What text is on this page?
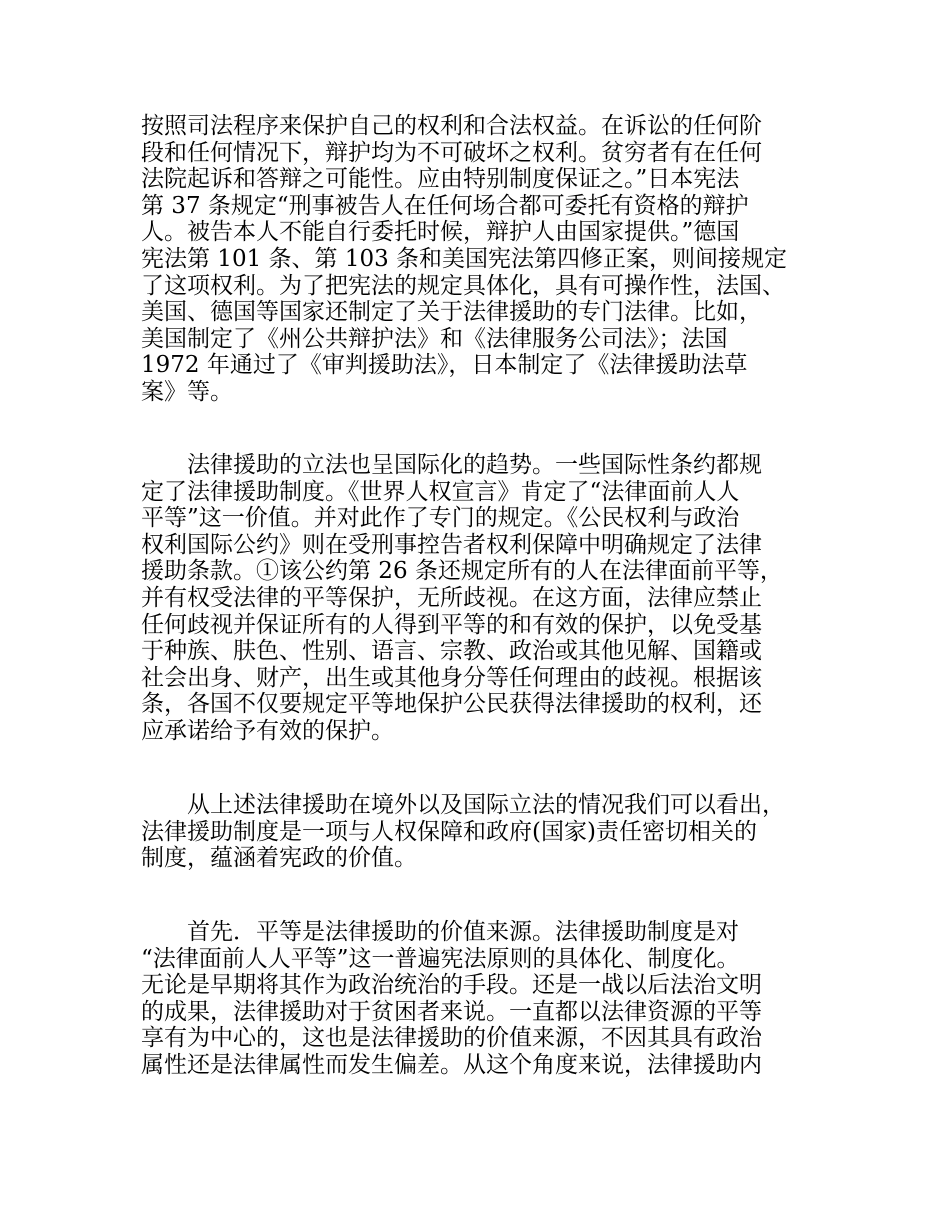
按照司法程序来保护自己的权利和合法权益。在诉讼的任何阶
段和任何情况下，辩护均为不可破坏之权利。贫穷者有在任何
法院起诉和答辩之可能性。应由特别制度保证之。”日本宪法
第 37 条规定“刑事被告人在任何场合都可委托有资格的辩护
人。被告本人不能自行委托时候，辩护人由国家提供。”德国
宪法第 101 条、第 103 条和美国宪法第四修正案，则间接规定
了这项权利。为了把宪法的规定具体化，具有可操作性，法国、
美国、德国等国家还制定了关于法律援助的专门法律。比如，
美国制定了《州公共辩护法》和《法律服务公司法》；法国
1972 年通过了《审判援助法》，日本制定了《法律援助法草
案》等。
法律援助的立法也呈国际化的趋势。一些国际性条约都规
定了法律援助制度。《世界人权宣言》肯定了“法律面前人人
平等”这一价值。并对此作了专门的规定。《公民权利与政治
权利国际公约》则在受刑事控告者权利保障中明确规定了法律
援助条款。①该公约第 26 条还规定所有的人在法律面前平等，
并有权受法律的平等保护，无所歧视。在这方面，法律应禁止
任何歧视并保证所有的人得到平等的和有效的保护，以免受基
于种族、肤色、性别、语言、宗教、政治或其他见解、国籍或
社会出身、财产，出生或其他身分等任何理由的歧视。根据该
条，各国不仅要规定平等地保护公民获得法律援助的权利，还
应承诺给予有效的保护。
从上述法律援助在境外以及国际立法的情况我们可以看出，
法律援助制度是一项与人权保障和政府(国家)责任密切相关的
制度，蕴涵着宪政的价值。
首先．平等是法律援助的价值来源。法律援助制度是对
“法律面前人人平等”这一普遍宪法原则的具体化、制度化。
无论是早期将其作为政治统治的手段。还是一战以后法治文明
的成果，法律援助对于贫困者来说。一直都以法律资源的平等
享有为中心的，这也是法律援助的价值来源，不因其具有政治
属性还是法律属性而发生偏差。从这个角度来说，法律援助内
